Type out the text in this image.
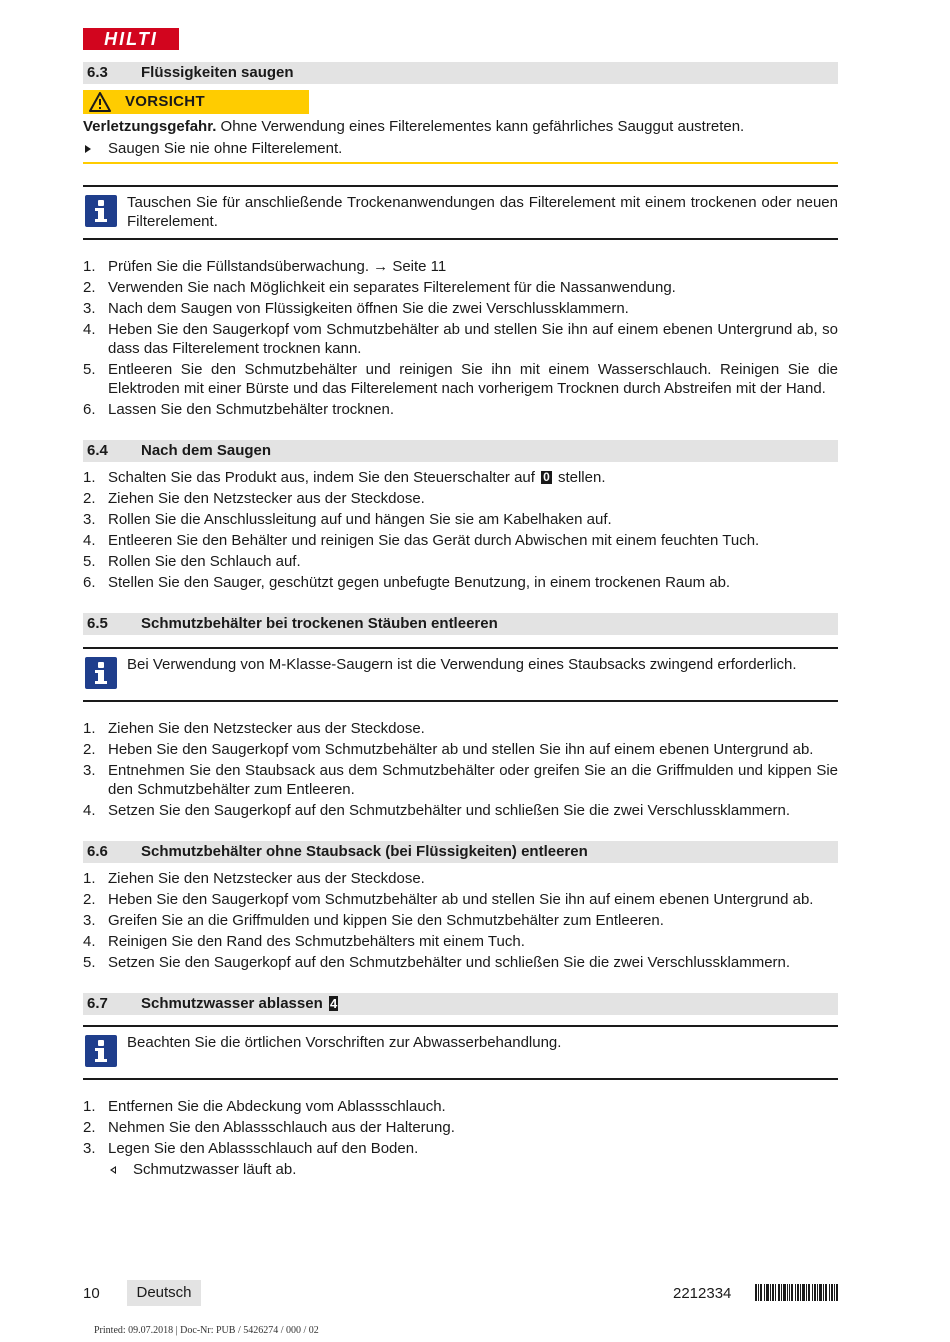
HILTI
6.3 Flüssigkeiten saugen
VORSICHT
Verletzungsgefahr. Ohne Verwendung eines Filterelementes kann gefährliches Sauggut austreten.
Saugen Sie nie ohne Filterelement.
Tauschen Sie für anschließende Trockenanwendungen das Filterelement mit einem trockenen oder neuen Filterelement.
1. Prüfen Sie die Füllstandsüberwachung. → Seite 11
2. Verwenden Sie nach Möglichkeit ein separates Filterelement für die Nassanwendung.
3. Nach dem Saugen von Flüssigkeiten öffnen Sie die zwei Verschlussklammern.
4. Heben Sie den Saugerkopf vom Schmutzbehälter ab und stellen Sie ihn auf einem ebenen Untergrund ab, so dass das Filterelement trocknen kann.
5. Entleeren Sie den Schmutzbehälter und reinigen Sie ihn mit einem Wasserschlauch. Reinigen Sie die Elektroden mit einer Bürste und das Filterelement nach vorherigem Trocknen durch Abstreifen mit der Hand.
6. Lassen Sie den Schmutzbehälter trocknen.
6.4 Nach dem Saugen
1. Schalten Sie das Produkt aus, indem Sie den Steuerschalter auf 0 stellen.
2. Ziehen Sie den Netzstecker aus der Steckdose.
3. Rollen Sie die Anschlussleitung auf und hängen Sie sie am Kabelhaken auf.
4. Entleeren Sie den Behälter und reinigen Sie das Gerät durch Abwischen mit einem feuchten Tuch.
5. Rollen Sie den Schlauch auf.
6. Stellen Sie den Sauger, geschützt gegen unbefugte Benutzung, in einem trockenen Raum ab.
6.5 Schmutzbehälter bei trockenen Stäuben entleeren
Bei Verwendung von M-Klasse-Saugern ist die Verwendung eines Staubsacks zwingend erforderlich.
1. Ziehen Sie den Netzstecker aus der Steckdose.
2. Heben Sie den Saugerkopf vom Schmutzbehälter ab und stellen Sie ihn auf einem ebenen Untergrund ab.
3. Entnehmen Sie den Staubsack aus dem Schmutzbehälter oder greifen Sie an die Griffmulden und kippen Sie den Schmutzbehälter zum Entleeren.
4. Setzen Sie den Saugerkopf auf den Schmutzbehälter und schließen Sie die zwei Verschlussklammern.
6.6 Schmutzbehälter ohne Staubsack (bei Flüssigkeiten) entleeren
1. Ziehen Sie den Netzstecker aus der Steckdose.
2. Heben Sie den Saugerkopf vom Schmutzbehälter ab und stellen Sie ihn auf einem ebenen Untergrund ab.
3. Greifen Sie an die Griffmulden und kippen Sie den Schmutzbehälter zum Entleeren.
4. Reinigen Sie den Rand des Schmutzbehälters mit einem Tuch.
5. Setzen Sie den Saugerkopf auf den Schmutzbehälter und schließen Sie die zwei Verschlussklammern.
6.7 Schmutzwasser ablassen 4
Beachten Sie die örtlichen Vorschriften zur Abwasserbehandlung.
1. Entfernen Sie die Abdeckung vom Ablassschlauch.
2. Nehmen Sie den Ablassschlauch aus der Halterung.
3. Legen Sie den Ablassschlauch auf den Boden.
Schmutzwasser läuft ab.
10	Deutsch	2212334
Printed: 09.07.2018 | Doc-Nr: PUB / 5426274 / 000 / 02
